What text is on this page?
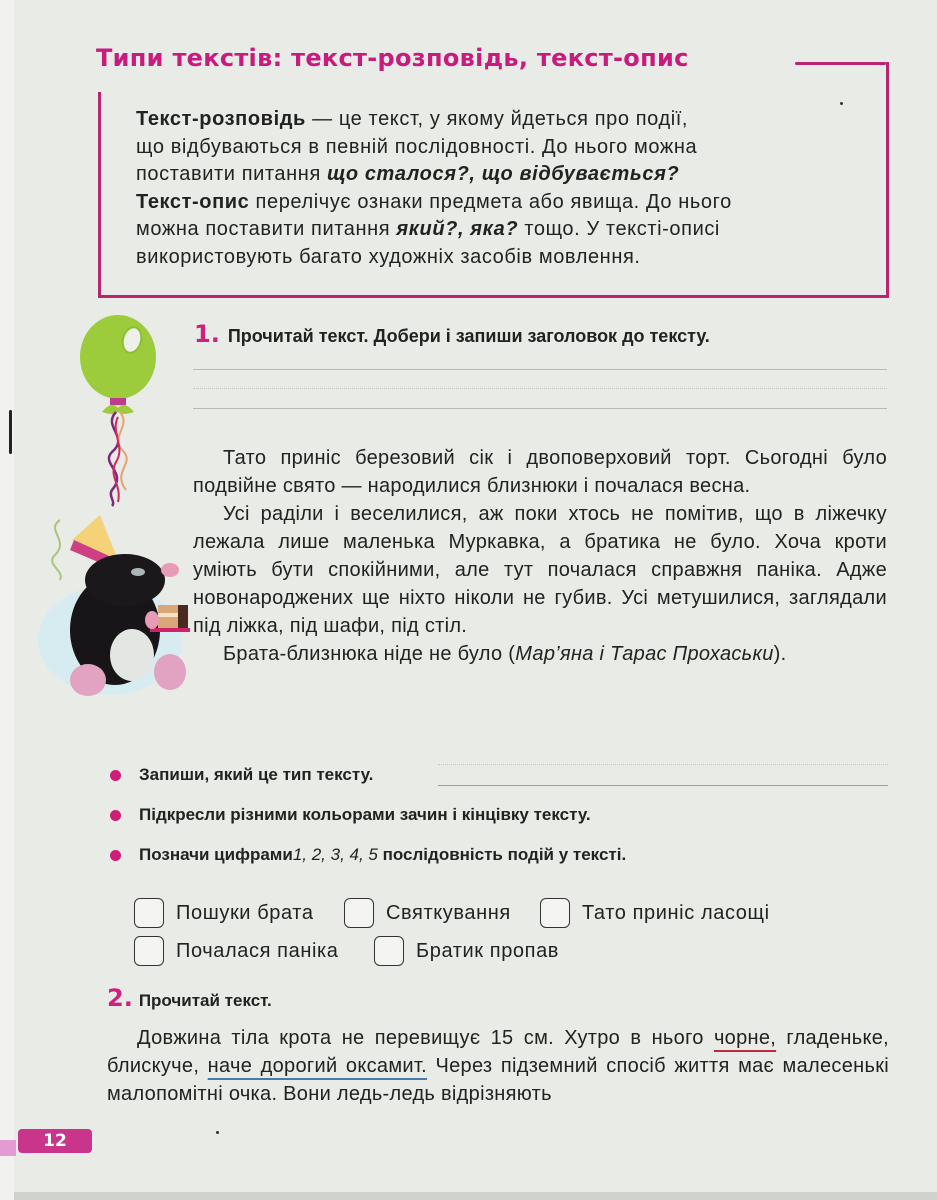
Типи текстів: текст-розповідь, текст-опис
Текст-розповідь — це текст, у якому йдеться про події,
що відбуваються в певній послідовності. До нього можна
поставити питання що сталося?, що відбувається?
Текст-опис перелічує ознаки предмета або явища. До нього
можна поставити питання який?, яка? тощо. У тексті-описі
використовують багато художніх засобів мовлення.
1. Прочитай текст. Добери і запиши заголовок до тексту.

Тато приніс березовий сік і двоповерховий торт. Сьогодні було подвійне свято — народилися близнюки і почалася весна.

Усі раділи і веселилися, аж поки хтось не помітив, що в ліжечку лежала лише маленька Муркавка, а братика не було. Хоча кроти уміють бути спокійними, але тут почалася справжня паніка. Адже новонароджених ще ніхто ніколи не губив. Усі метушилися, заглядали під ліжка, під шафи, під стіл.

Брата-близнюка ніде не було (Мар’яна і Тарас Прохаськи).

Запиши, який це тип тексту.
Підкресли різними кольорами зачин і кінцівку тексту.
Позначи цифрами 1, 2, 3, 4, 5
послідовність подій у тексті.
Пошуки брата	Святкування	Тато приніс ласощі
Почалася паніка	Братик пропав
2. Прочитай текст.

Довжина тіла крота не перевищує 15 см. Хутро в нього чорне, гладеньке, блискуче, наче дорогий оксамит. Через підземний спосіб життя має малесенькі малопомітні очка. Вони ледь-ледь відрізняють

12
